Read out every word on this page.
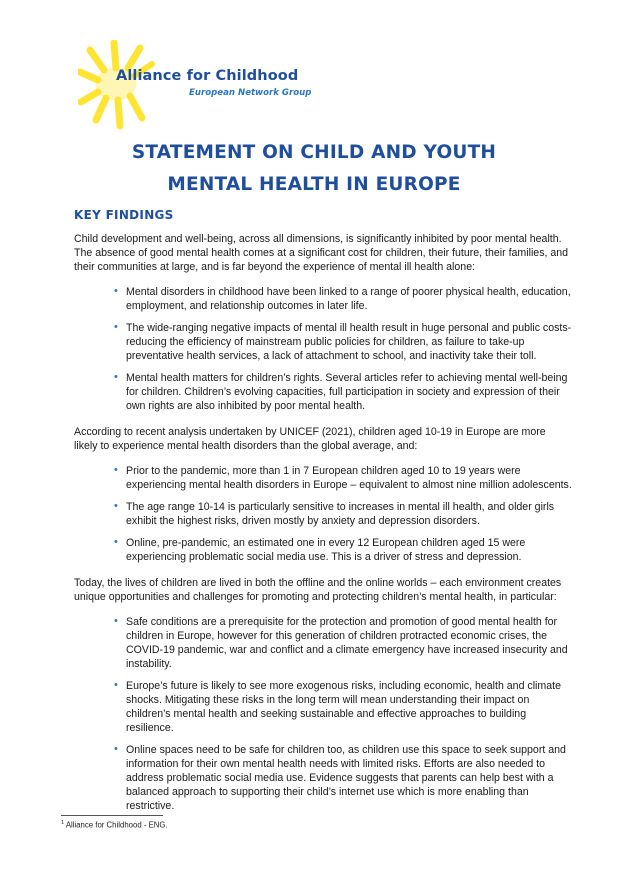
Alliance for Childhood
European Network Group
STATEMENT ON CHILD AND YOUTH
MENTAL HEALTH IN EUROPE
KEY FINDINGS

Child development and well-being, across all dimensions, is significantly inhibited by poor mental health. The absence of good mental health comes at a significant cost for children, their future, their families, and their communities at large, and is far beyond the experience of mental ill health alone:

• Mental disorders in childhood have been linked to a range of poorer physical health, education, employment, and relationship outcomes in later life.
• The wide-ranging negative impacts of mental ill health result in huge personal and public costs-reducing the efficiency of mainstream public policies for children, as failure to take-up preventative health services, a lack of attachment to school, and inactivity take their toll.
• Mental health matters for children’s rights. Several articles refer to achieving mental well-being for children. Children’s evolving capacities, full participation in society and expression of their own rights are also inhibited by poor mental health.

According to recent analysis undertaken by UNICEF (2021), children aged 10-19 in Europe are more likely to experience mental health disorders than the global average, and:

• Prior to the pandemic, more than 1 in 7 European children aged 10 to 19 years were experiencing mental health disorders in Europe – equivalent to almost nine million adolescents.
• The age range 10-14 is particularly sensitive to increases in mental ill health, and older girls exhibit the highest risks, driven mostly by anxiety and depression disorders.
• Online, pre-pandemic, an estimated one in every 12 European children aged 15 were experiencing problematic social media use. This is a driver of stress and depression.

Today, the lives of children are lived in both the offline and the online worlds – each environment creates unique opportunities and challenges for promoting and protecting children’s mental health, in particular:

• Safe conditions are a prerequisite for the protection and promotion of good mental health for children in Europe, however for this generation of children protracted economic crises, the COVID-19 pandemic, war and conflict and a climate emergency have increased insecurity and instability.
• Europe’s future is likely to see more exogenous risks, including economic, health and climate shocks. Mitigating these risks in the long term will mean understanding their impact on children’s mental health and seeking sustainable and effective approaches to building resilience.
• Online spaces need to be safe for children too, as children use this space to seek support and information for their own mental health needs with limited risks. Efforts are also needed to address problematic social media use. Evidence suggests that parents can help best with a balanced approach to supporting their child’s internet use which is more enabling than restrictive.
$^1$ Alliance for Childhood - ENG.
